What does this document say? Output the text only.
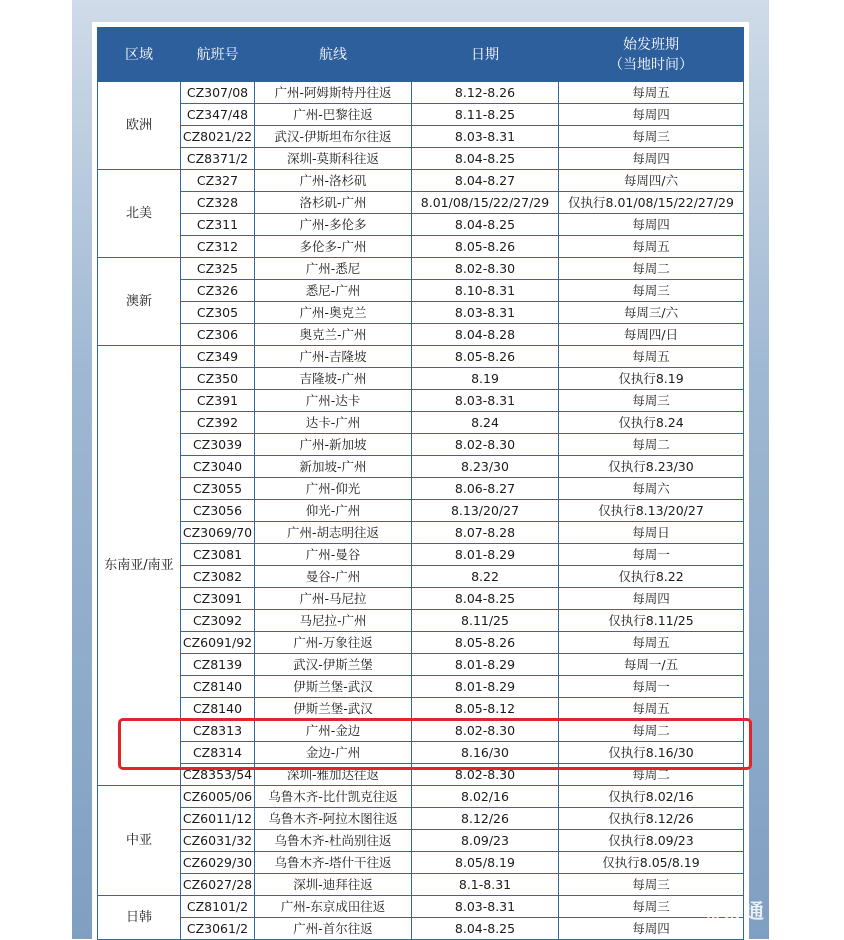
区域	航班号	航线	日期	始发班期
（当地时间）

欧洲	CZ307/08	广州-阿姆斯特丹往返	8.12-8.26	每周五
	CZ347/48	广州-巴黎往返	8.11-8.25	每周四
	CZ8021/22	武汉-伊斯坦布尔往返	8.03-8.31	每周三
	CZ8371/2	深圳-莫斯科往返	8.04-8.25	每周四
北美	CZ327	广州-洛杉矶	8.04-8.27	每周四/六
	CZ328	洛杉矶-广州	8.01/08/15/22/27/29	仅执行8.01/08/15/22/27/29
	CZ311	广州-多伦多	8.04-8.25	每周四
	CZ312	多伦多-广州	8.05-8.26	每周五
澳新	CZ325	广州-悉尼	8.02-8.30	每周二
	CZ326	悉尼-广州	8.10-8.31	每周三
	CZ305	广州-奥克兰	8.03-8.31	每周三/六
	CZ306	奥克兰-广州	8.04-8.28	每周四/日
东南亚/南亚	CZ349	广州-吉隆坡	8.05-8.26	每周五
	CZ350	吉隆坡-广州	8.19	仅执行8.19
	CZ391	广州-达卡	8.03-8.31	每周三
	CZ392	达卡-广州	8.24	仅执行8.24
	CZ3039	广州-新加坡	8.02-8.30	每周二
	CZ3040	新加坡-广州	8.23/30	仅执行8.23/30
	CZ3055	广州-仰光	8.06-8.27	每周六
	CZ3056	仰光-广州	8.13/20/27	仅执行8.13/20/27
	CZ3069/70	广州-胡志明往返	8.07-8.28	每周日
	CZ3081	广州-曼谷	8.01-8.29	每周一
	CZ3082	曼谷-广州	8.22	仅执行8.22
	CZ3091	广州-马尼拉	8.04-8.25	每周四
	CZ3092	马尼拉-广州	8.11/25	仅执行8.11/25
	CZ6091/92	广州-万象往返	8.05-8.26	每周五
	CZ8139	武汉-伊斯兰堡	8.01-8.29	每周一/五
	CZ8140	伊斯兰堡-武汉	8.01-8.29	每周一
	CZ8140	伊斯兰堡-武汉	8.05-8.12	每周五
	CZ8313	广州-金边	8.02-8.30	每周二
	CZ8314	金边-广州	8.16/30	仅执行8.16/30
	CZ8353/54	深圳-雅加达往返	8.02-8.30	每周二
中亚	CZ6005/06	乌鲁木齐-比什凯克往返	8.02/16	仅执行8.02/16
	CZ6011/12	乌鲁木齐-阿拉木图往返	8.12/26	仅执行8.12/26
	CZ6031/32	乌鲁木齐-杜尚别往返	8.09/23	仅执行8.09/23
	CZ6029/30	乌鲁木齐-塔什干往返	8.05/8.19	仅执行8.05/8.19
	CZ6027/28	深圳-迪拜往返	8.1-8.31	每周三
日韩	CZ8101/2	广州-东京成田往返	8.03-8.31	每周三
	CZ3061/2	广州-首尔往返	8.04-8.25	每周四
埔寨通
